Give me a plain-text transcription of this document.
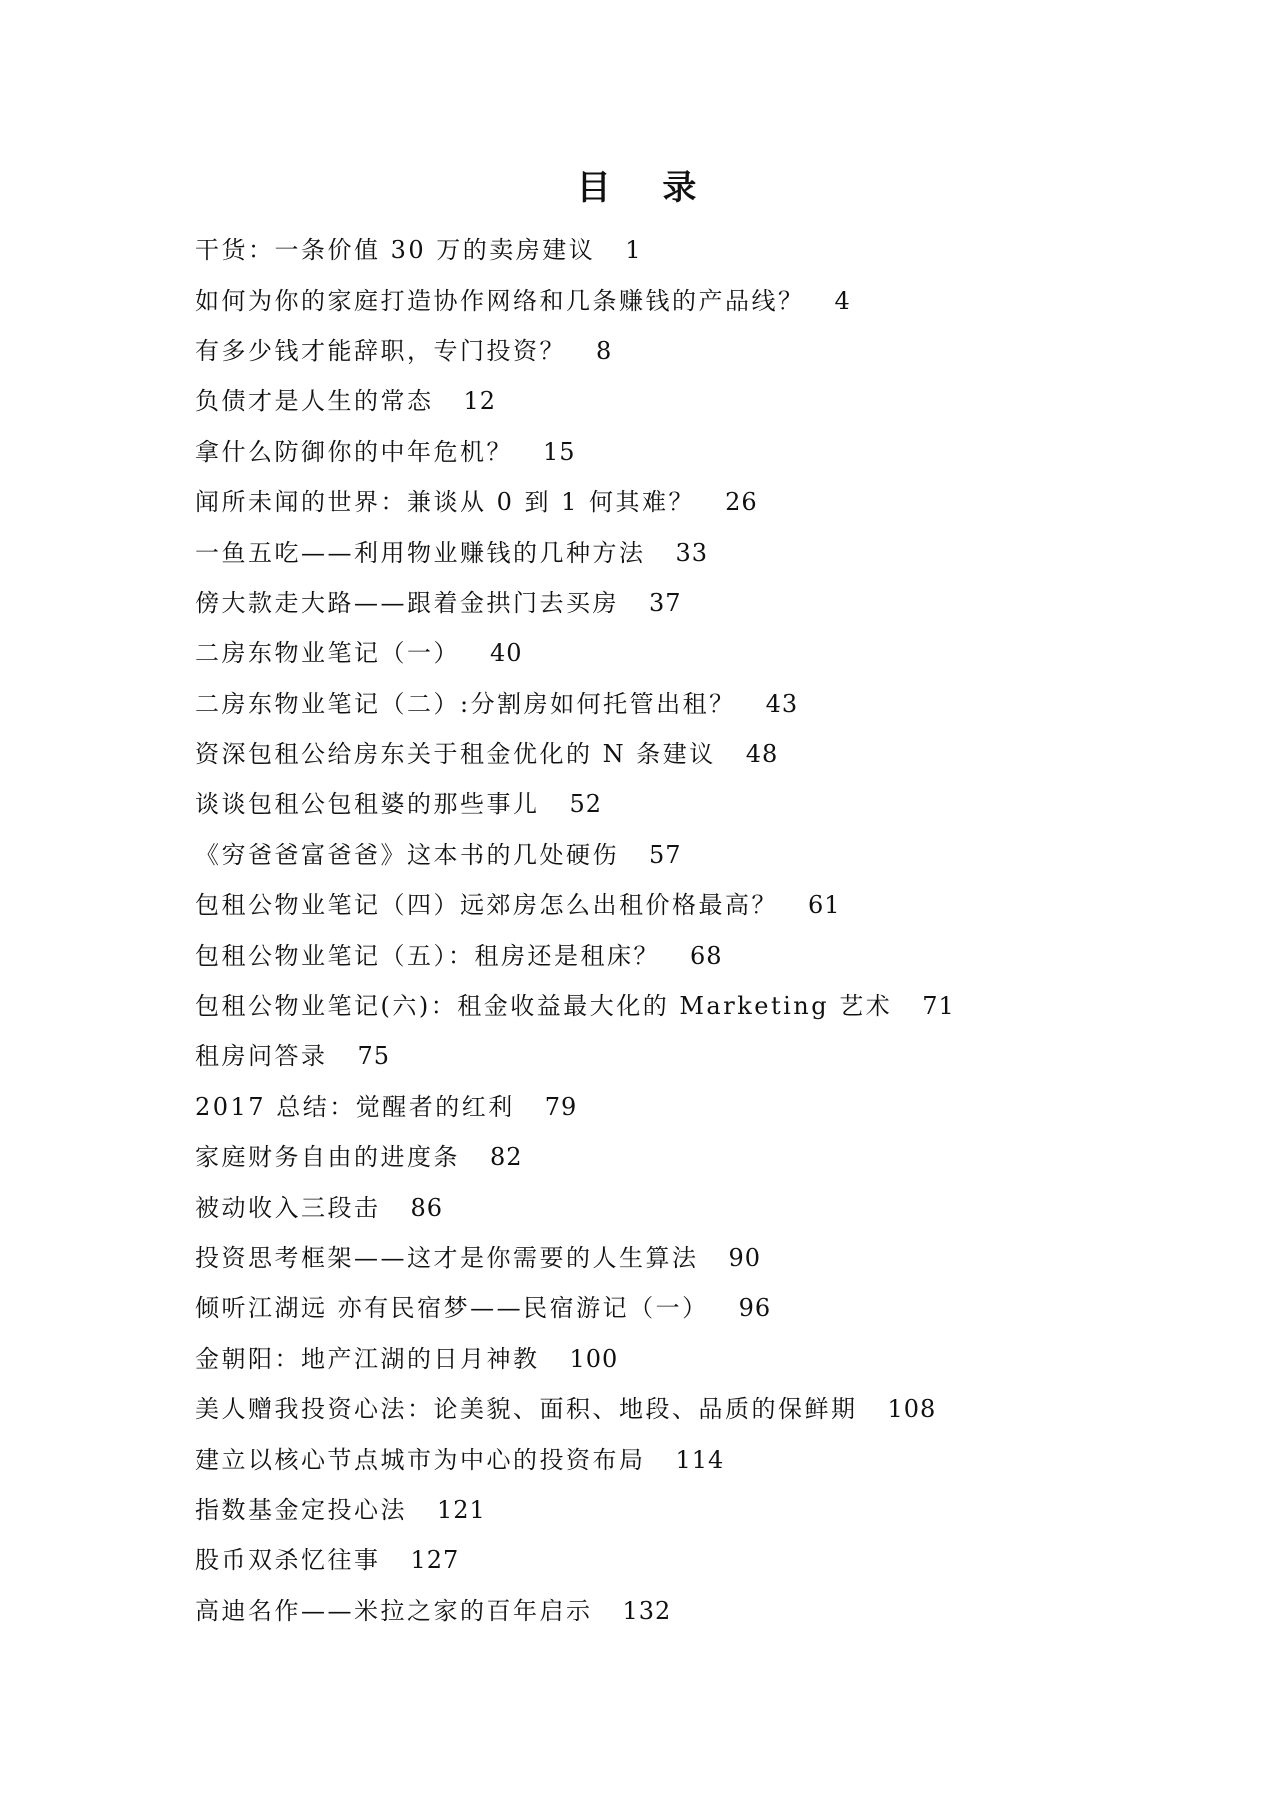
目 录
干货：一条价值 30 万的卖房建议 1
如何为你的家庭打造协作网络和几条赚钱的产品线？ 4
有多少钱才能辞职，专门投资？ 8
负债才是人生的常态 12
拿什么防御你的中年危机？ 15
闻所未闻的世界：兼谈从 0 到 1 何其难？ 26
一鱼五吃——利用物业赚钱的几种方法 33
傍大款走大路——跟着金拱门去买房 37
二房东物业笔记（一） 40
二房东物业笔记（二）:分割房如何托管出租？ 43
资深包租公给房东关于租金优化的 N 条建议 48
谈谈包租公包租婆的那些事儿 52
《穷爸爸富爸爸》这本书的几处硬伤 57
包租公物业笔记（四）远郊房怎么出租价格最高？ 61
包租公物业笔记（五）：租房还是租床？ 68
包租公物业笔记(六)：租金收益最大化的 Marketing 艺术 71
租房问答录 75
2017 总结：觉醒者的红利 79
家庭财务自由的进度条 82
被动收入三段击 86
投资思考框架——这才是你需要的人生算法 90
倾听江湖远 亦有民宿梦——民宿游记（一） 96
金朝阳：地产江湖的日月神教 100
美人赠我投资心法：论美貌、面积、地段、品质的保鲜期 108
建立以核心节点城市为中心的投资布局 114
指数基金定投心法 121
股币双杀忆往事 127
高迪名作——米拉之家的百年启示 132
